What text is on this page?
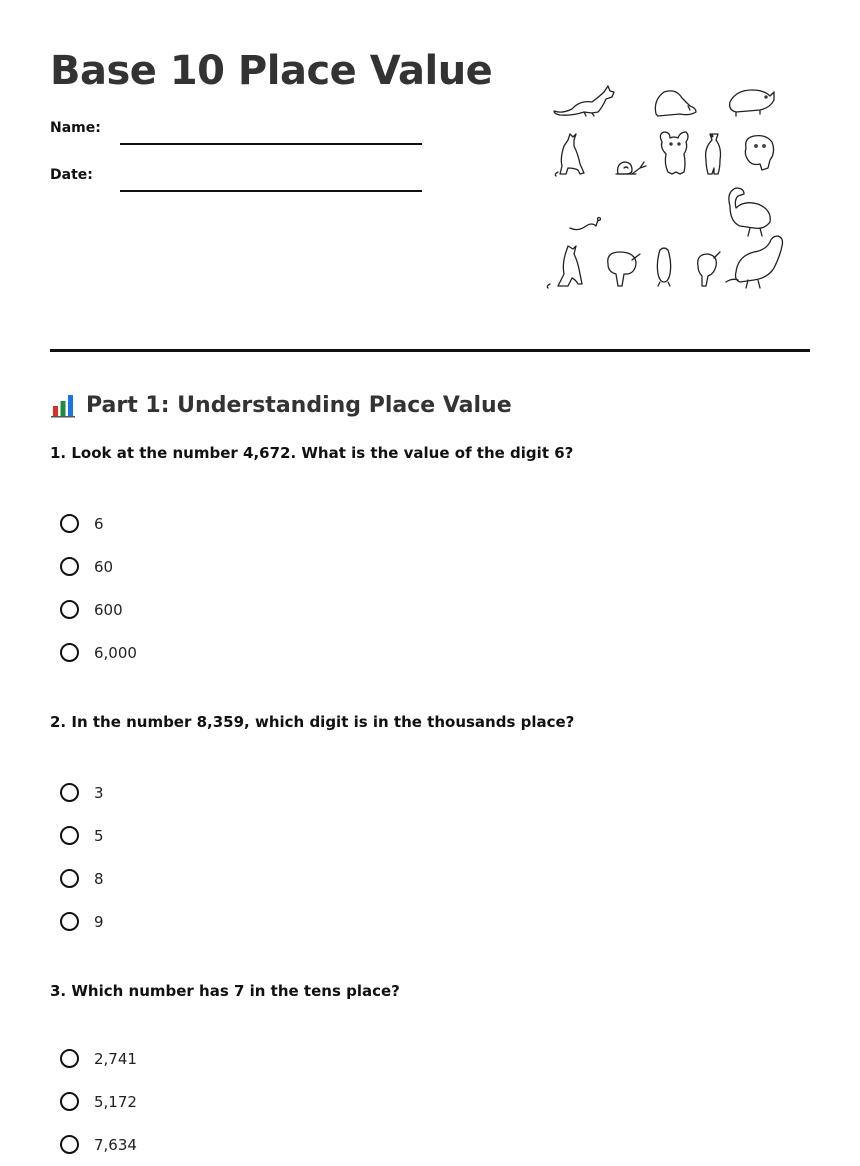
Base 10 Place Value
Name:
Date:
Part 1: Understanding Place Value

1. Look at the number 4,672. What is the value of the digit 6?

6
60
600
6,000

2. In the number 8,359, which digit is in the thousands place?

3
5
8
9

3. Which number has 7 in the tens place?

2,741
5,172
7,634
